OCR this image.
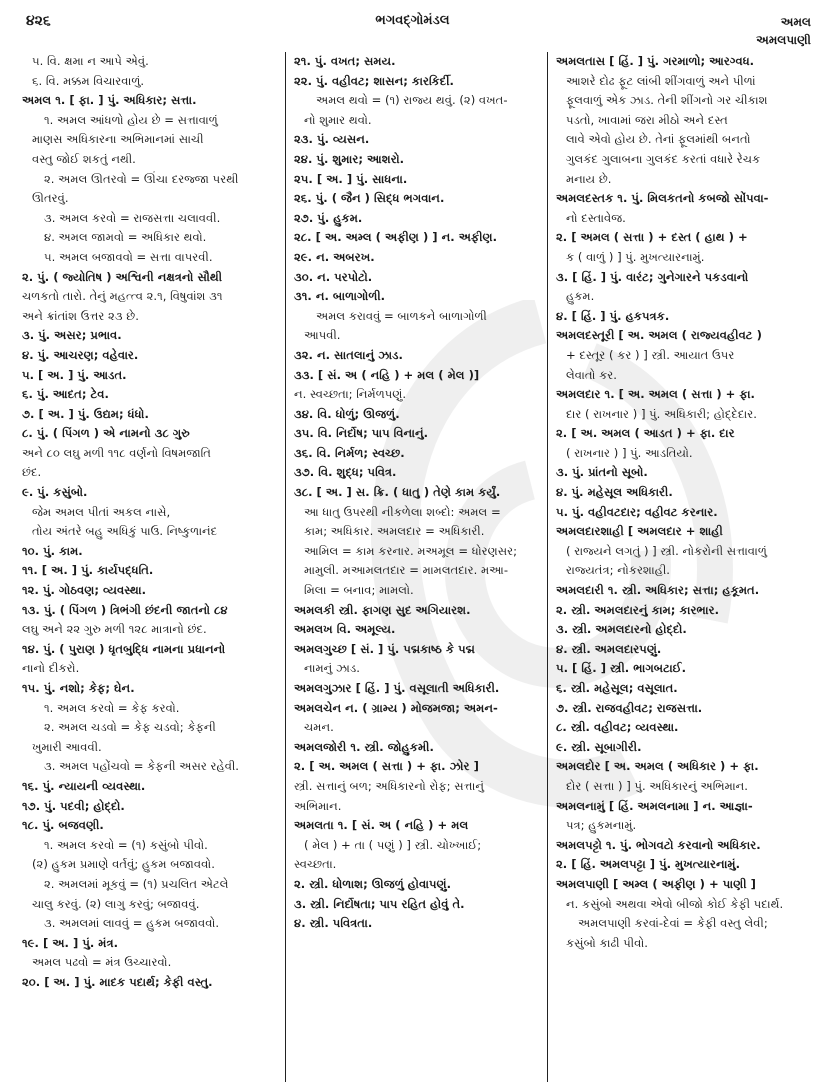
૪૨૬	ભગવદ્ગોમંડલ	અમલ
અમલપાણી
૫. વિ. ક્ષમા ન આપે એવું.
૬. વિ. મક્કમ વિચારવાળું.
અમલ ૧. [ ફા. ] પું. અધિકાર; સત્તા.
૧. અમલ આંધળો હોય છે = સત્તાવાળું
માણસ અધિકારના અભિમાનમાં સાચી
વસ્તુ જોઈ શકતું નથી.
૨. અમલ ઊતરવો = ઊંચા દરજ્જા પરથી
ઊતરવું.
૩. અમલ કરવો = રાજસત્તા ચલાવવી.
૪. અમલ જામવો = અધિકાર થવો.
૫. અમલ બજાવવો = સત્તા વાપરવી.
૨. પું. ( જ્યોતિષ ) અશ્વિની નક્ષત્રનો સૌથી
ચળકતો તારો. તેનું મહત્ત્વ ૨.૧, વિષુવાંશ ૩૧
અને ક્રાંતાંશ ઉત્તર ૨૩ છે.
૩. પું. અસર; પ્રભાવ.
૪. પું. આચરણ; વહેવાર.
૫. [ અ. ] પું. આડત.
૬. પું. આદત; ટેવ.
૭. [ અ. ] પું. ઉદ્યમ; ધંધો.
૮. પું. ( પિંગળ ) એ નામનો ૩૮ ગુરુ
અને ૮૦ લઘુ મળી ૧૧૮ વર્ણનો વિષમજાતિ
છંદ.
૯. પું. કસુંબો.
જેમ અમલ પીતાં અકલ નાસે,
તોય અંતરે બહુ અધિકું પાઉ. નિષ્કુળાનંદ
૧૦. પું. કામ.
૧૧. [ અ. ] પું. કાર્યપદ્ધતિ.
૧૨. પું. ગોઠવણ; વ્યવસ્થા.
૧૩. પું. ( પિંગળ ) ત્રિભંગી છંદની જાતનો ૮૪
લઘુ અને ૨૨ ગુરુ મળી ૧૨૮ માત્રાનો છંદ.
૧૪. પું. ( પુરાણ ) ધૃતબુદ્ધિ નામના પ્રધાનનો
નાનો દીકરો.
૧૫. પું. નશો; કેફ; ઘેન.
૧. અમલ કરવો = કેફ કરવો.
૨. અમલ ચડવો = કેફ ચડવો; કેફની
ખુમારી આવવી.
૩. અમલ પહોંચવો = કેફની અસર રહેવી.
૧૬. પું. ન્યાયની વ્યવસ્થા.
૧૭. પું. પદવી; હોદ્દો.
૧૮. પું. બજવણી.
૧. અમલ કરવો = (૧) કસુંબો પીવો.
(૨) હુકમ પ્રમાણે વર્તવું; હુકમ બજાવવો.
૨. અમલમાં મૂકવું = (૧) પ્રચલિત એટલે
ચાલુ કરવું. (૨) લાગુ કરવું; બજાવવું.
૩. અમલમાં લાવવું = હુકમ બજાવવો.
૧૯. [ અ. ] પું. મંત્ર.
અમલ પઢવો = મંત્ર ઉચ્ચારવો.
૨૦. [ અ. ] પું. માદક પદાર્થ; કેફી વસ્તુ.
૨૧. પું. વખત; સમય.
૨૨. પું. વહીવટ; શાસન; કારકિર્દી.
અમલ થવો = (૧) રાજ્ય થવું. (૨) વખત-
નો શુમાર થવો.
૨૩. પું. વ્યસન.
૨૪. પું. શુમાર; આશરો.
૨૫. [ અ. ] પું. સાધના.
૨૬. પું. ( જૈન ) સિદ્ધ ભગવાન.
૨૭. પું. હુકમ.
૨૮. [ અ. અમ્લ ( અફીણ ) ] ન. અફીણ.
૨૯. ન. અબરખ.
૩૦. ન. પરપોટો.
૩૧. ન. બાળાગોળી.
અમલ કરાવવું = બાળકને બાળાગોળી
આપવી.
૩૨. ન. સાતલાનું ઝાડ.
૩૩. [ સં. અ ( નહિ ) + મલ ( મેલ )]
ન. સ્વચ્છતા; નિર્મળપણું.
૩૪. વિ. ધોળું; ઊજળું.
૩૫. વિ. નિર્દોષ; પાપ વિનાનું.
૩૬. વિ. નિર્મળ; સ્વચ્છ.
૩૭. વિ. શુદ્ધ; પવિત્ર.
૩૮. [ અ. ] સ. ક્રિ. ( ધાતુ ) તેણે કામ કર્યું.
આ ધાતુ ઉપરથી નીકળેલા શબ્દો: અમલ =
કામ; અધિકાર. અમલદાર = અધિકારી.
આમિલ = કામ કરનાર. મઅમૂલ = ધોરણસર;
મામુલી. મઆમલતદાર = મામલતદાર. મઆ-
મિલા = બનાવ; મામલો.
અમલકી સ્ત્રી. ફાગણ સુદ અગિયારશ.
અમલખ વિ. અમૂલ્ય.
અમલગુચ્છ [ સં. ] પું. પદ્મકાષ્ઠ કે પદ્મ
નામનું ઝાડ.
અમલગુઝાર [ હિં. ] પું. વસૂલાતી અધિકારી.
અમલચેન ન. ( ગ્રામ્ય ) મોજમજા; અમન-
ચમન.
અમલજોરી ૧. સ્ત્રી. જોહુકમી.
૨. [ અ. અમલ ( સત્તા ) + ફા. ઝોર ]
સ્ત્રી. સત્તાનું બળ; અધિકારનો રોફ; સત્તાનું
અભિમાન.
અમલતા ૧. [ સં. અ ( નહિ ) + મલ
( મેલ ) + તા ( પણું ) ] સ્ત્રી. ચોખ્ખાઈ;
સ્વચ્છતા.
૨. સ્ત્રી. ધોળાશ; ઊજળું હોવાપણું.
૩. સ્ત્રી. નિર્દોષતા; પાપ રહિત હોવું તે.
૪. સ્ત્રી. પવિત્રતા.
અમલતાસ [ હિં. ] પું. ગરમાળો; આરગ્વધ.
આશરે દોઢ ફૂટ લાંબી શીંગવાળું અને પીળાં
ફૂલવાળું એક ઝાડ. તેની શીંગનો ગર ચીકાશ
પડતો, ખાવામાં જરા મીઠો અને દસ્ત
લાવે એવો હોય છે. તેનાં ફૂલમાંથી બનતો
ગુલકંદ ગુલાબના ગુલકંદ કરતાં વધારે રેચક
મનાય છે.
અમલદસ્તક ૧. પું. મિલકતનો કબજો સોંપવા-
નો દસ્તાવેજ.
૨. [ અમલ ( સત્તા ) + દસ્ત ( હાથ ) +
ક ( વાળું ) ] પું. મુખત્યારનામું.
૩. [ હિં. ] પું. વારંટ; ગુનેગારને પકડવાનો
હુકમ.
૪. [ હિં. ] પું. હકપત્રક.
અમલદસ્તૂરી [ અ. અમલ ( રાજ્યવહીવટ )
+ દસ્તૂર ( કર ) ] સ્ત્રી. આયાત ઉપર
લેવાતો કર.
અમલદાર ૧. [ અ. અમલ ( સત્તા ) + ફા.
દાર ( રાખનાર ) ] પું. અધિકારી; હોદ્દેદાર.
૨. [ અ. અમલ ( આડત ) + ફા. દાર
( રાખનાર ) ] પું. આડતિયો.
૩. પું. પ્રાંતનો સૂબો.
૪. પું. મહેસૂલ અધિકારી.
૫. પું. વહીવટદાર; વહીવટ કરનાર.
અમલદારશાહી [ અમલદાર + શાહી
( રાજ્યને લગતું ) ] સ્ત્રી. નોકરોની સત્તાવાળું
રાજ્યતંત્ર; નોકરશાહી.
અમલદારી ૧. સ્ત્રી. અધિકાર; સત્તા; હકૂમત.
૨. સ્ત્રી. અમલદારનું કામ; કારભાર.
૩. સ્ત્રી. અમલદારનો હોદ્દો.
૪. સ્ત્રી. અમલદારપણું.
૫. [ હિં. ] સ્ત્રી. ભાગબટાઈ.
૬. સ્ત્રી. મહેસૂલ; વસૂલાત.
૭. સ્ત્રી. રાજવહીવટ; રાજસત્તા.
૮. સ્ત્રી. વહીવટ; વ્યવસ્થા.
૯. સ્ત્રી. સૂબાગીરી.
અમલદોર [ અ. અમલ ( અધિકાર ) + ફા.
દોર ( સત્તા ) ] પું. અધિકારનું અભિમાન.
અમલનામું [ હિં. અમલનામા ] ન. આજ્ઞા-
પત્ર; હુકમનામું.
અમલપટ્ટો ૧. પું. ભોગવટો કરવાનો અધિકાર.
૨. [ હિં. અમલપટ્ટા ] પું. મુખત્યારનામું.
અમલપાણી [ અમ્લ ( અફીણ ) + પાણી ]
ન. કસુંબો અથવા એવો બીજો કોઈ કેફી પદાર્થ.
અમલપાણી કરવાં-દેવાં = કેફી વસ્તુ લેવી;
કસુંબો કાઢી પીવો.
